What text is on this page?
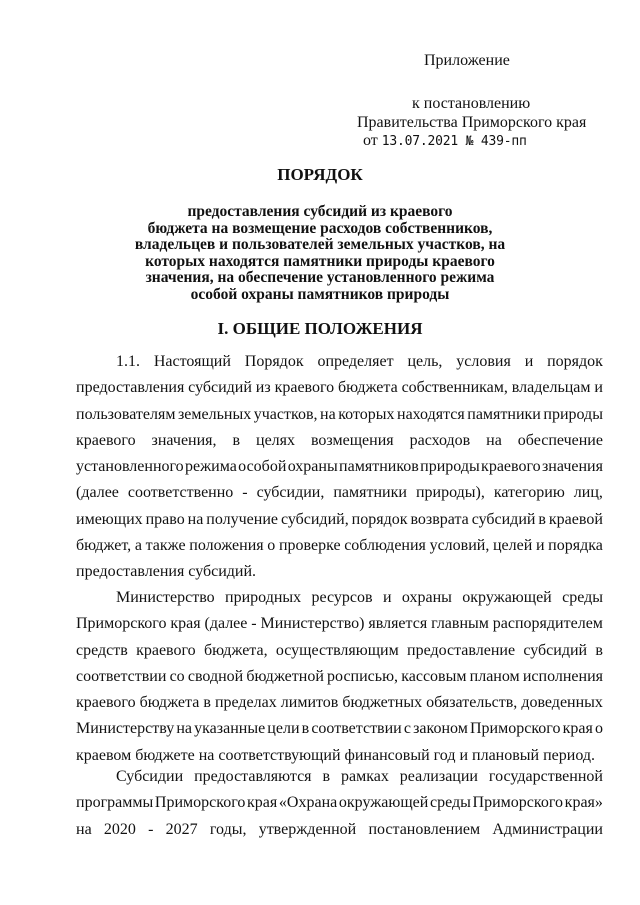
Приложение
к постановлению
Правительства Приморского края
от 13.07.2021 № 439-пп
ПОРЯДОК
предоставления субсидий из краевого
бюджета на возмещение расходов собственников,
владельцев и пользователей земельных участков, на
которых находятся памятники природы краевого
значения, на обеспечение установленного режима
особой охраны памятников природы
I. ОБЩИЕ ПОЛОЖЕНИЯ
1.1. Настоящий Порядок определяет цель, условия и порядок
предоставления субсидий из краевого бюджета собственникам, владельцам и
пользователям земельных участков, на которых находятся памятники природы
краевого значения, в целях возмещения расходов на обеспечение
установленного режима особой охраны памятников природы краевого значения
(далее соответственно - субсидии, памятники природы), категорию лиц,
имеющих право на получение субсидий, порядок возврата субсидий в краевой
бюджет, а также положения о проверке соблюдения условий, целей и порядка
предоставления субсидий.
Министерство природных ресурсов и охраны окружающей среды
Приморского края (далее - Министерство) является главным распорядителем
средств краевого бюджета, осуществляющим предоставление субсидий в
соответствии со сводной бюджетной росписью, кассовым планом исполнения
краевого бюджета в пределах лимитов бюджетных обязательств, доведенных
Министерству на указанные цели в соответствии с законом Приморского края о
краевом бюджете на соответствующий финансовый год и плановый период.
Субсидии предоставляются в рамках реализации государственной
программы Приморского края «Охрана окружающей среды Приморского края»
на 2020 - 2027 годы, утвержденной постановлением Администрации
